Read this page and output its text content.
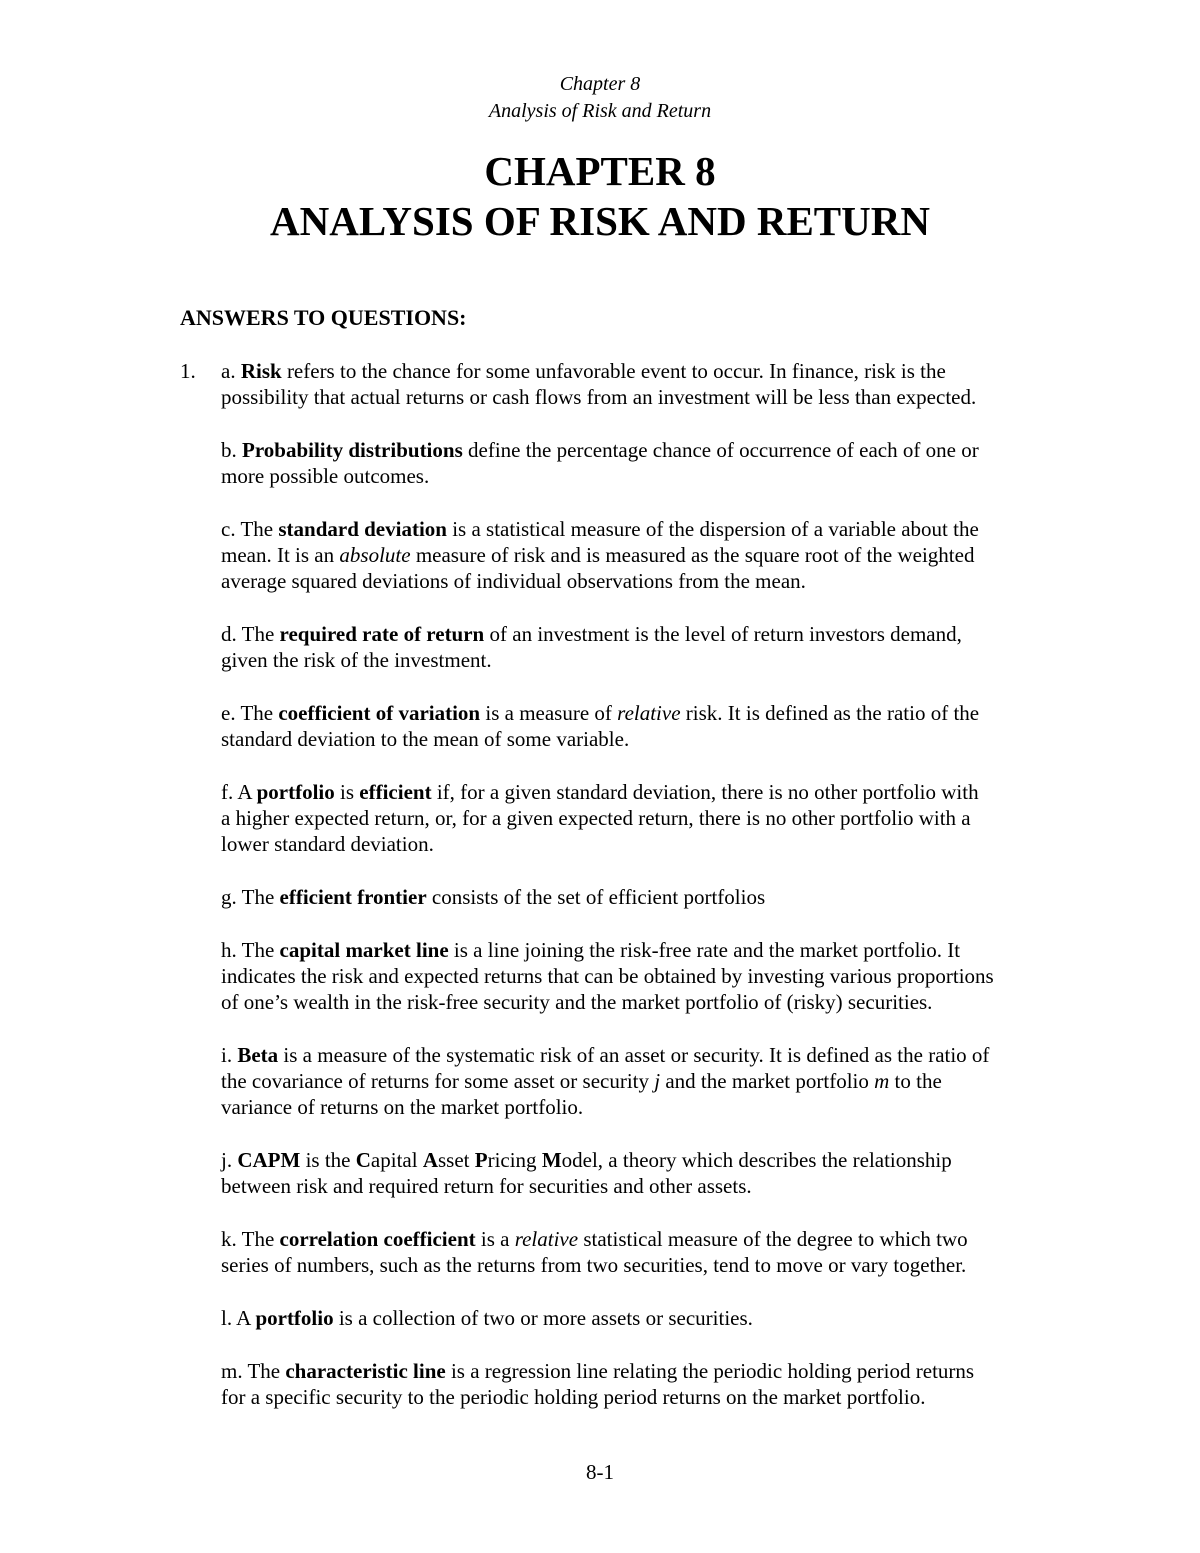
Chapter 8
Analysis of Risk and Return
CHAPTER 8
ANALYSIS OF RISK AND RETURN
ANSWERS TO QUESTIONS:
1. a. Risk refers to the chance for some unfavorable event to occur. In finance, risk is the
possibility that actual returns or cash flows from an investment will be less than expected.
b. Probability distributions define the percentage chance of occurrence of each of one or
more possible outcomes.
c. The standard deviation is a statistical measure of the dispersion of a variable about the
mean. It is an absolute measure of risk and is measured as the square root of the weighted
average squared deviations of individual observations from the mean.
d. The required rate of return of an investment is the level of return investors demand,
given the risk of the investment.
e. The coefficient of variation is a measure of relative risk. It is defined as the ratio of the
standard deviation to the mean of some variable.
f. A portfolio is efficient if, for a given standard deviation, there is no other portfolio with
a higher expected return, or, for a given expected return, there is no other portfolio with a
lower standard deviation.
g. The efficient frontier consists of the set of efficient portfolios
h. The capital market line is a line joining the risk-free rate and the market portfolio. It
indicates the risk and expected returns that can be obtained by investing various proportions
of one’s wealth in the risk-free security and the market portfolio of (risky) securities.
i. Beta is a measure of the systematic risk of an asset or security. It is defined as the ratio of
the covariance of returns for some asset or security j and the market portfolio m to the
variance of returns on the market portfolio.
j. CAPM is the Capital Asset Pricing Model, a theory which describes the relationship
between risk and required return for securities and other assets.
k. The correlation coefficient is a relative statistical measure of the degree to which two
series of numbers, such as the returns from two securities, tend to move or vary together.
l. A portfolio is a collection of two or more assets or securities.
m. The characteristic line is a regression line relating the periodic holding period returns
for a specific security to the periodic holding period returns on the market portfolio.
8-1
